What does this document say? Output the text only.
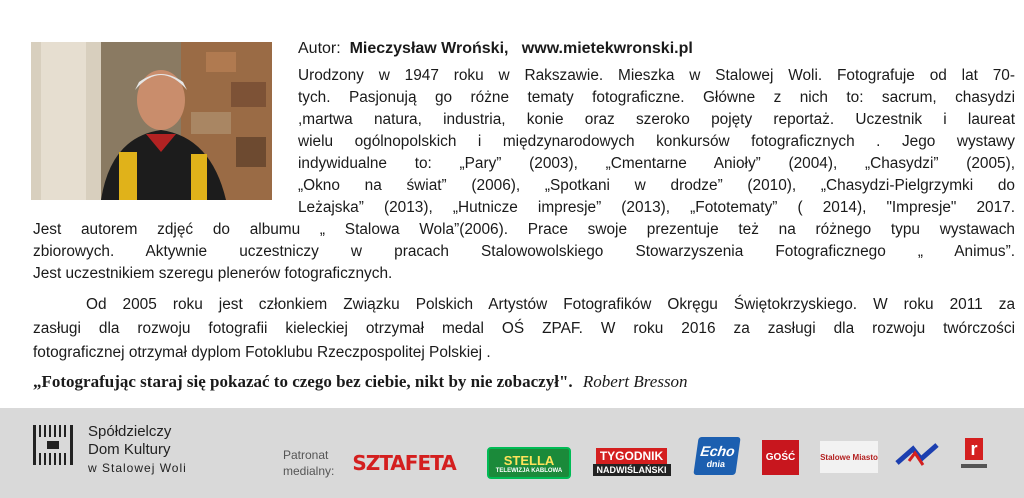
Autor: Mieczysław Wroński, www.mietekwronski.pl
Urodzony w 1947 roku w Rakszawie. Mieszka w Stalowej Woli. Fotografuje od lat 70-
tych. Pasjonują go różne tematy fotograficzne. Główne z nich to: sacrum, chasydzi
,martwa natura, industria, konie oraz szeroko pojęty reportaż. Uczestnik i laureat
wielu ogólnopolskich i międzynarodowych konkursów fotograficznych . Jego wystawy
indywidualne to: „Pary” (2003), „Cmentarne Anioły” (2004), „Chasydzi” (2005),
„Okno na świat” (2006), „Spotkani w drodze” (2010), „Chasydzi-Pielgrzymki do
Leżajska” (2013), „Hutnicze impresje” (2013), „Fototematy” ( 2014), "Impresje" 2017.
Jest autorem zdjęć do albumu „ Stalowa Wola”(2006). Prace swoje prezentuje też na różnego typu wystawach
zbiorowych. Aktywnie uczestniczy w pracach Stalowowolskiego Stowarzyszenia Fotograficznego „ Animus”.
Jest uczestnikiem szeregu plenerów fotograficznych.
Od 2005 roku jest członkiem Związku Polskich Artystów Fotografików Okręgu Świętokrzyskiego. W roku 2011 za
zasługi dla rozwoju fotografii kieleckiej otrzymał medal OŚ ZPAF. W roku 2016 za zasługi dla rozwoju twórczości
fotograficznej otrzymał dyplom Fotoklubu Rzeczpospolitej Polskiej .
„Fotografując staraj się pokazać to czego bez ciebie, nikt by nie zobaczył". Robert Bresson
Spółdzielczy
Dom Kultury
w Stalowej Woli
Patronat
medialny: SZTAFETA	STELLA
TELEWIZJA KABLOWA
TYGODNIK
NADWIŚLAŃSKI
Echo
dnia
GOŚĆ	Stalowe Miasto	r
